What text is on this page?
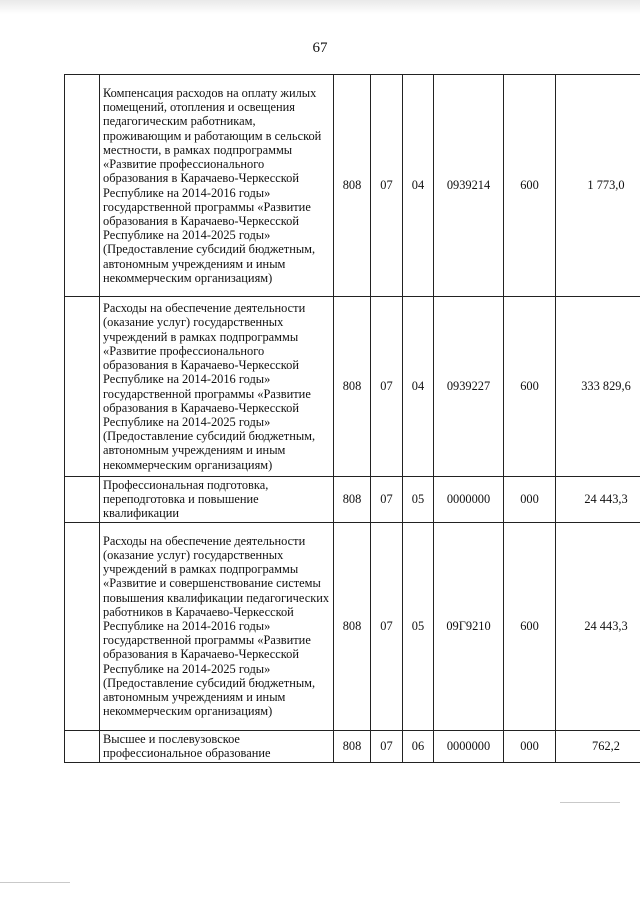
67
	Компенсация расходов на оплату жилых помещений, отопления и освещения педагогическим работникам, проживающим и работающим в сельской местности, в рамках подпрограммы «Развитие профессионального образования в Карачаево-Черкесской Республике на 2014-2016 годы» государственной программы «Развитие образования в Карачаево-Черкесской Республике на 2014-2025 годы» (Предоставление субсидий бюджетным, автономным учреждениям и иным некоммерческим организациям)	808	07	04	0939214	600	1 773,0
	Расходы на обеспечение деятельности (оказание услуг) государственных учреждений в рамках подпрограммы «Развитие профессионального образования в Карачаево-Черкесской Республике на 2014-2016 годы» государственной программы «Развитие образования в Карачаево-Черкесской Республике на 2014-2025 годы» (Предоставление субсидий бюджетным, автономным учреждениям и иным некоммерческим организациям)	808	07	04	0939227	600	333 829,6
	Профессиональная подготовка, переподготовка и повышение квалификации	808	07	05	0000000	000	24 443,3
	Расходы на обеспечение деятельности (оказание услуг) государственных учреждений в рамках подпрограммы «Развитие и совершенствование системы повышения квалификации педагогических работников в Карачаево-Черкесской Республике на 2014-2016 годы» государственной программы «Развитие образования в Карачаево-Черкесской Республике на 2014-2025 годы» (Предоставление субсидий бюджетным, автономным учреждениям и иным некоммерческим организациям)	808	07	05	09Г9210	600	24 443,3
	Высшее и послевузовское профессиональное образование	808	07	06	0000000	000	762,2
